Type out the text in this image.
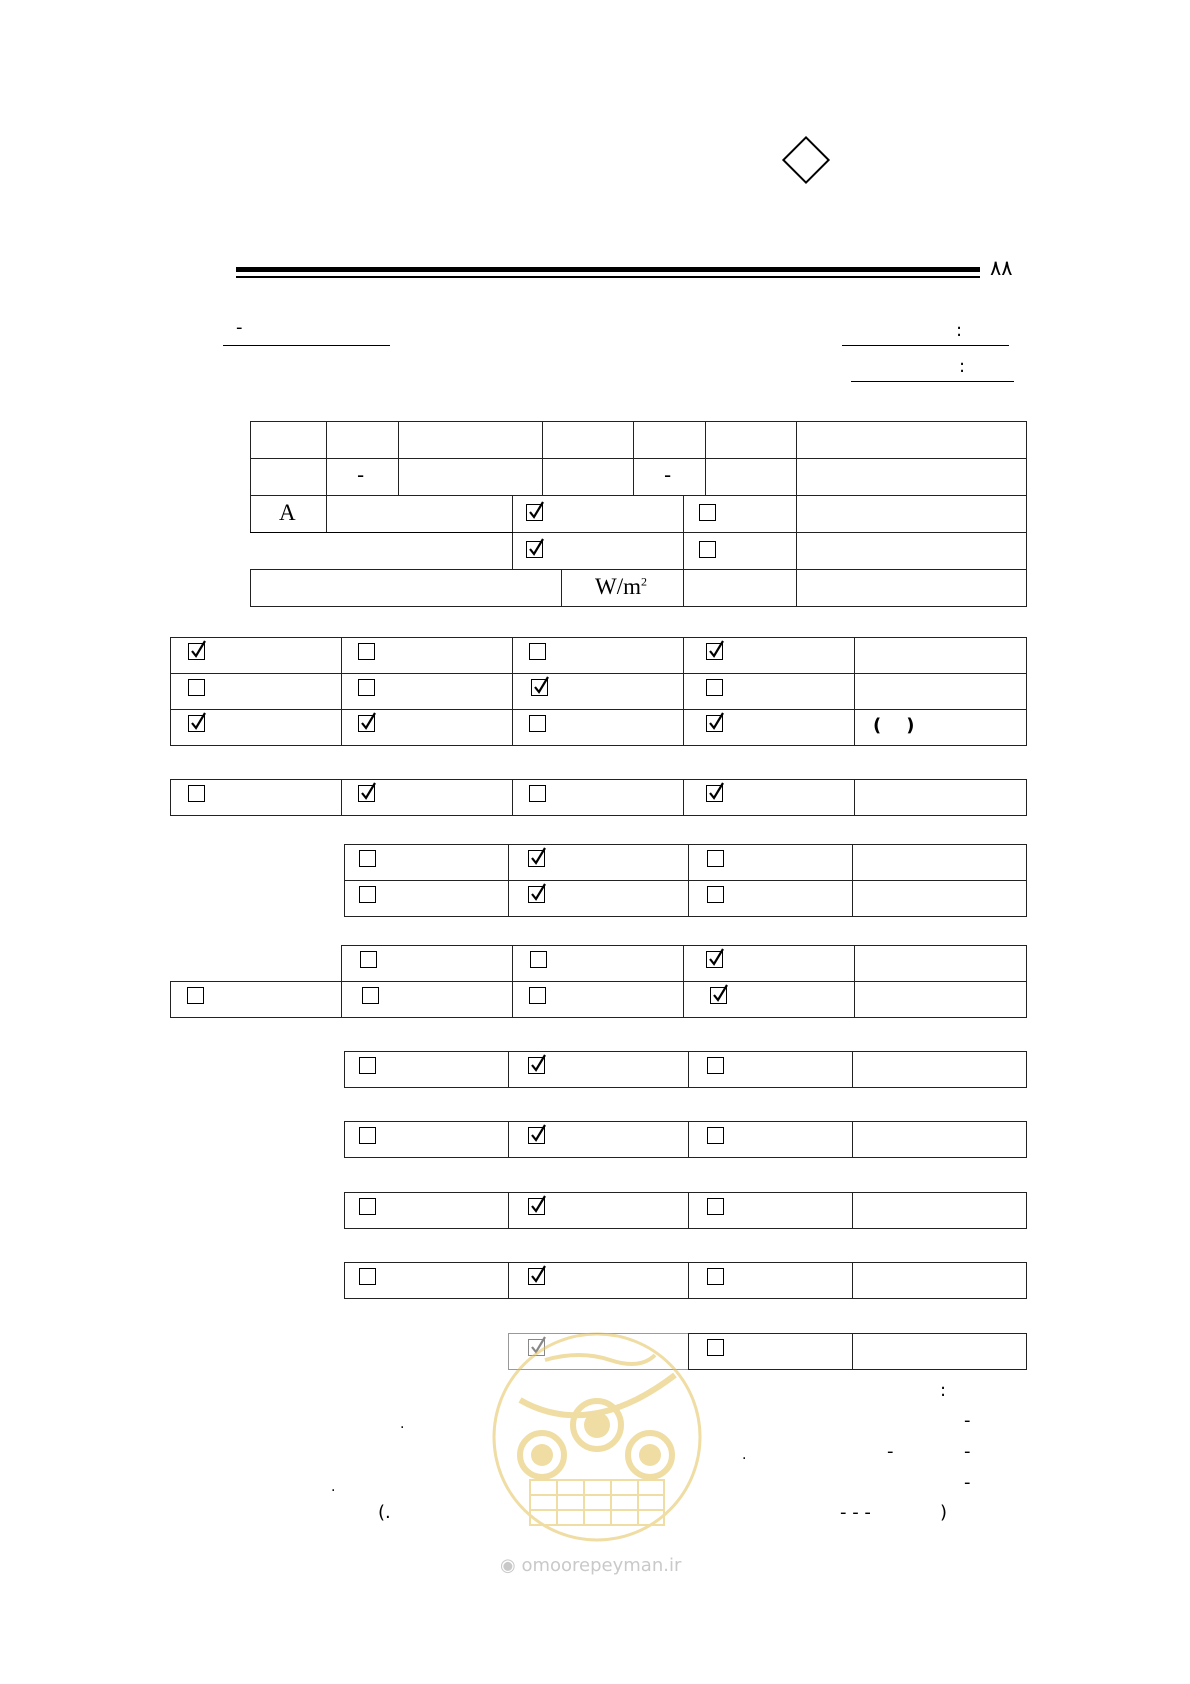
۸۸
-	:
:
-	-
A
$W/m^2$
(    )
:
-
.
-
-
.
-
.
)
- - -
(.
◉ omoorepeyman.ir
